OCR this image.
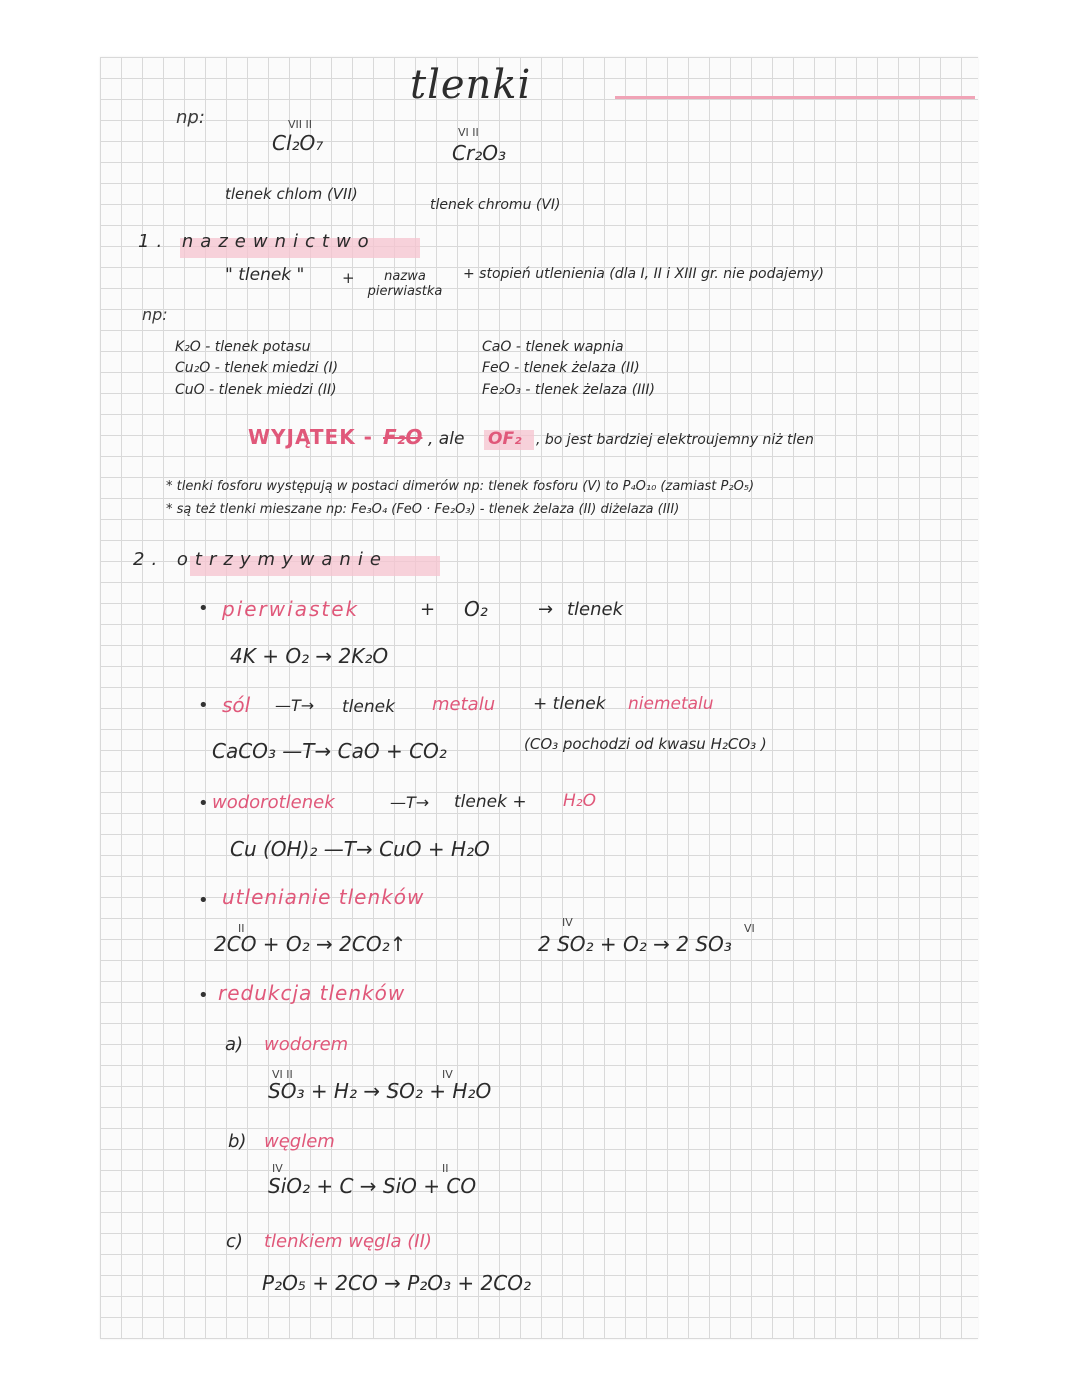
np:
tlenki
VII II
Cl₂O₇
tlenek chlom (VII)
VI II
Cr₂O₃
tlenek chromu (VI)
1. nazewnictwo
" tlenek "	+	nazwa pierwiastka
+ stopień utlenienia (dla I, II i XIII gr. nie podajemy)
np:
K₂O - tlenek potasu
Cu₂O - tlenek miedzi (I)
CuO - tlenek miedzi (II)
CaO - tlenek wapnia
FeO - tlenek żelaza (II)
Fe₂O₃ - tlenek żelaza (III)
WYJĄTEK - F₂O , ale OF₂ , bo jest bardziej elektroujemny niż tlen
* tlenki fosforu występują w postaci dimerów np: tlenek fosforu (V) to P₄O₁₀ (zamiast P₂O₅)
* są też tlenki mieszane np: Fe₃O₄ (FeO · Fe₂O₃) - tlenek żelaza (II) diżelaza (III)
2. otrzymywanie
• pierwiastek	+ O₂	→ tlenek
4K + O₂ → 2K₂O
• sól —T→ tlenek metalu + tlenek niemetalu
CaCO₃ —T→ CaO + CO₂	(CO₃ pochodzi od kwasu H₂CO₃ )
• wodorotlenek	—T→ tlenek + H₂O
Cu (OH)₂ —T→ CuO + H₂O
• utlenianie tlenków
II
2CO + O₂ → 2CO₂↑
IV	VI
2 SO₂ + O₂ → 2 SO₃
• redukcja tlenków
a) wodorem
VI II	IV
SO₃ + H₂ → SO₂ + H₂O
b) węglem
IV	II
SiO₂ + C → SiO + CO
c) tlenkiem węgla (II)
P₂O₅ + 2CO → P₂O₃ + 2CO₂
